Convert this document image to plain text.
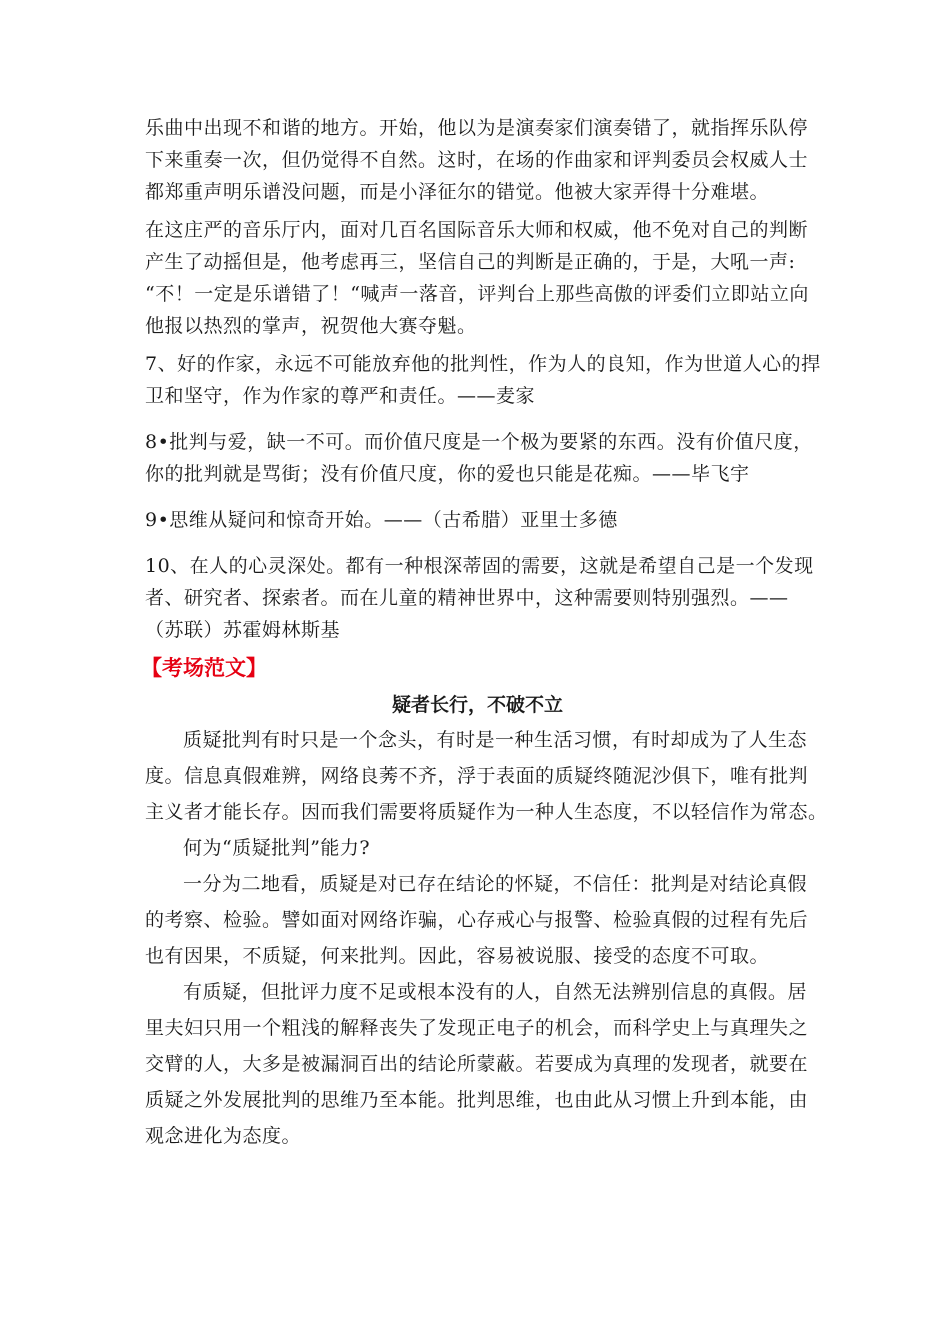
乐曲中出现不和谐的地方。开始，他以为是演奏家们演奏错了，就指挥乐队停
下来重奏一次，但仍觉得不自然。这时，在场的作曲家和评判委员会权威人士
都郑重声明乐谱没问题，而是小泽征尔的错觉。他被大家弄得十分难堪。
在这庄严的音乐厅内，面对几百名国际音乐大师和权威，他不免对自己的判断
产生了动摇但是，他考虑再三，坚信自己的判断是正确的，于是，大吼一声:
“不！一定是乐谱错了！“喊声一落音，评判台上那些高傲的评委们立即站立向
他报以热烈的掌声，祝贺他大赛夺魁。
7、好的作家，永远不可能放弃他的批判性，作为人的良知，作为世道人心的捍
卫和坚守，作为作家的尊严和责任。——麦家
8•批判与爱，缺一不可。而价值尺度是一个极为要紧的东西。没有价值尺度，
你的批判就是骂街；没有价值尺度，你的爱也只能是花痴。——毕飞宇
9•思维从疑问和惊奇开始。——（古希腊）亚里士多德
10、在人的心灵深处。都有一种根深蒂固的需要，这就是希望自己是一个发现
者、研究者、探索者。而在儿童的精神世界中，这种需要则特别强烈。——
（苏联）苏霍姆林斯基
【考场范文】
疑者长行，不破不立
质疑批判有时只是一个念头，有时是一种生活习惯，有时却成为了人生态
度。信息真假难辨，网络良莠不齐，浮于表面的质疑终随泥沙俱下，唯有批判
主义者才能长存。因而我们需要将质疑作为一种人生态度，不以轻信作为常态。
何为“质疑批判”能力?
一分为二地看，质疑是对已存在结论的怀疑，不信任：批判是对结论真假
的考察、检验。譬如面对网络诈骗，心存戒心与报警、检验真假的过程有先后
也有因果，不质疑，何来批判。因此，容易被说服、接受的态度不可取。
有质疑，但批评力度不足或根本没有的人，自然无法辨别信息的真假。居
里夫妇只用一个粗浅的解释丧失了发现正电子的机会，而科学史上与真理失之
交臂的人，大多是被漏洞百出的结论所蒙蔽。若要成为真理的发现者，就要在
质疑之外发展批判的思维乃至本能。批判思维，也由此从习惯上升到本能，由
观念进化为态度。
